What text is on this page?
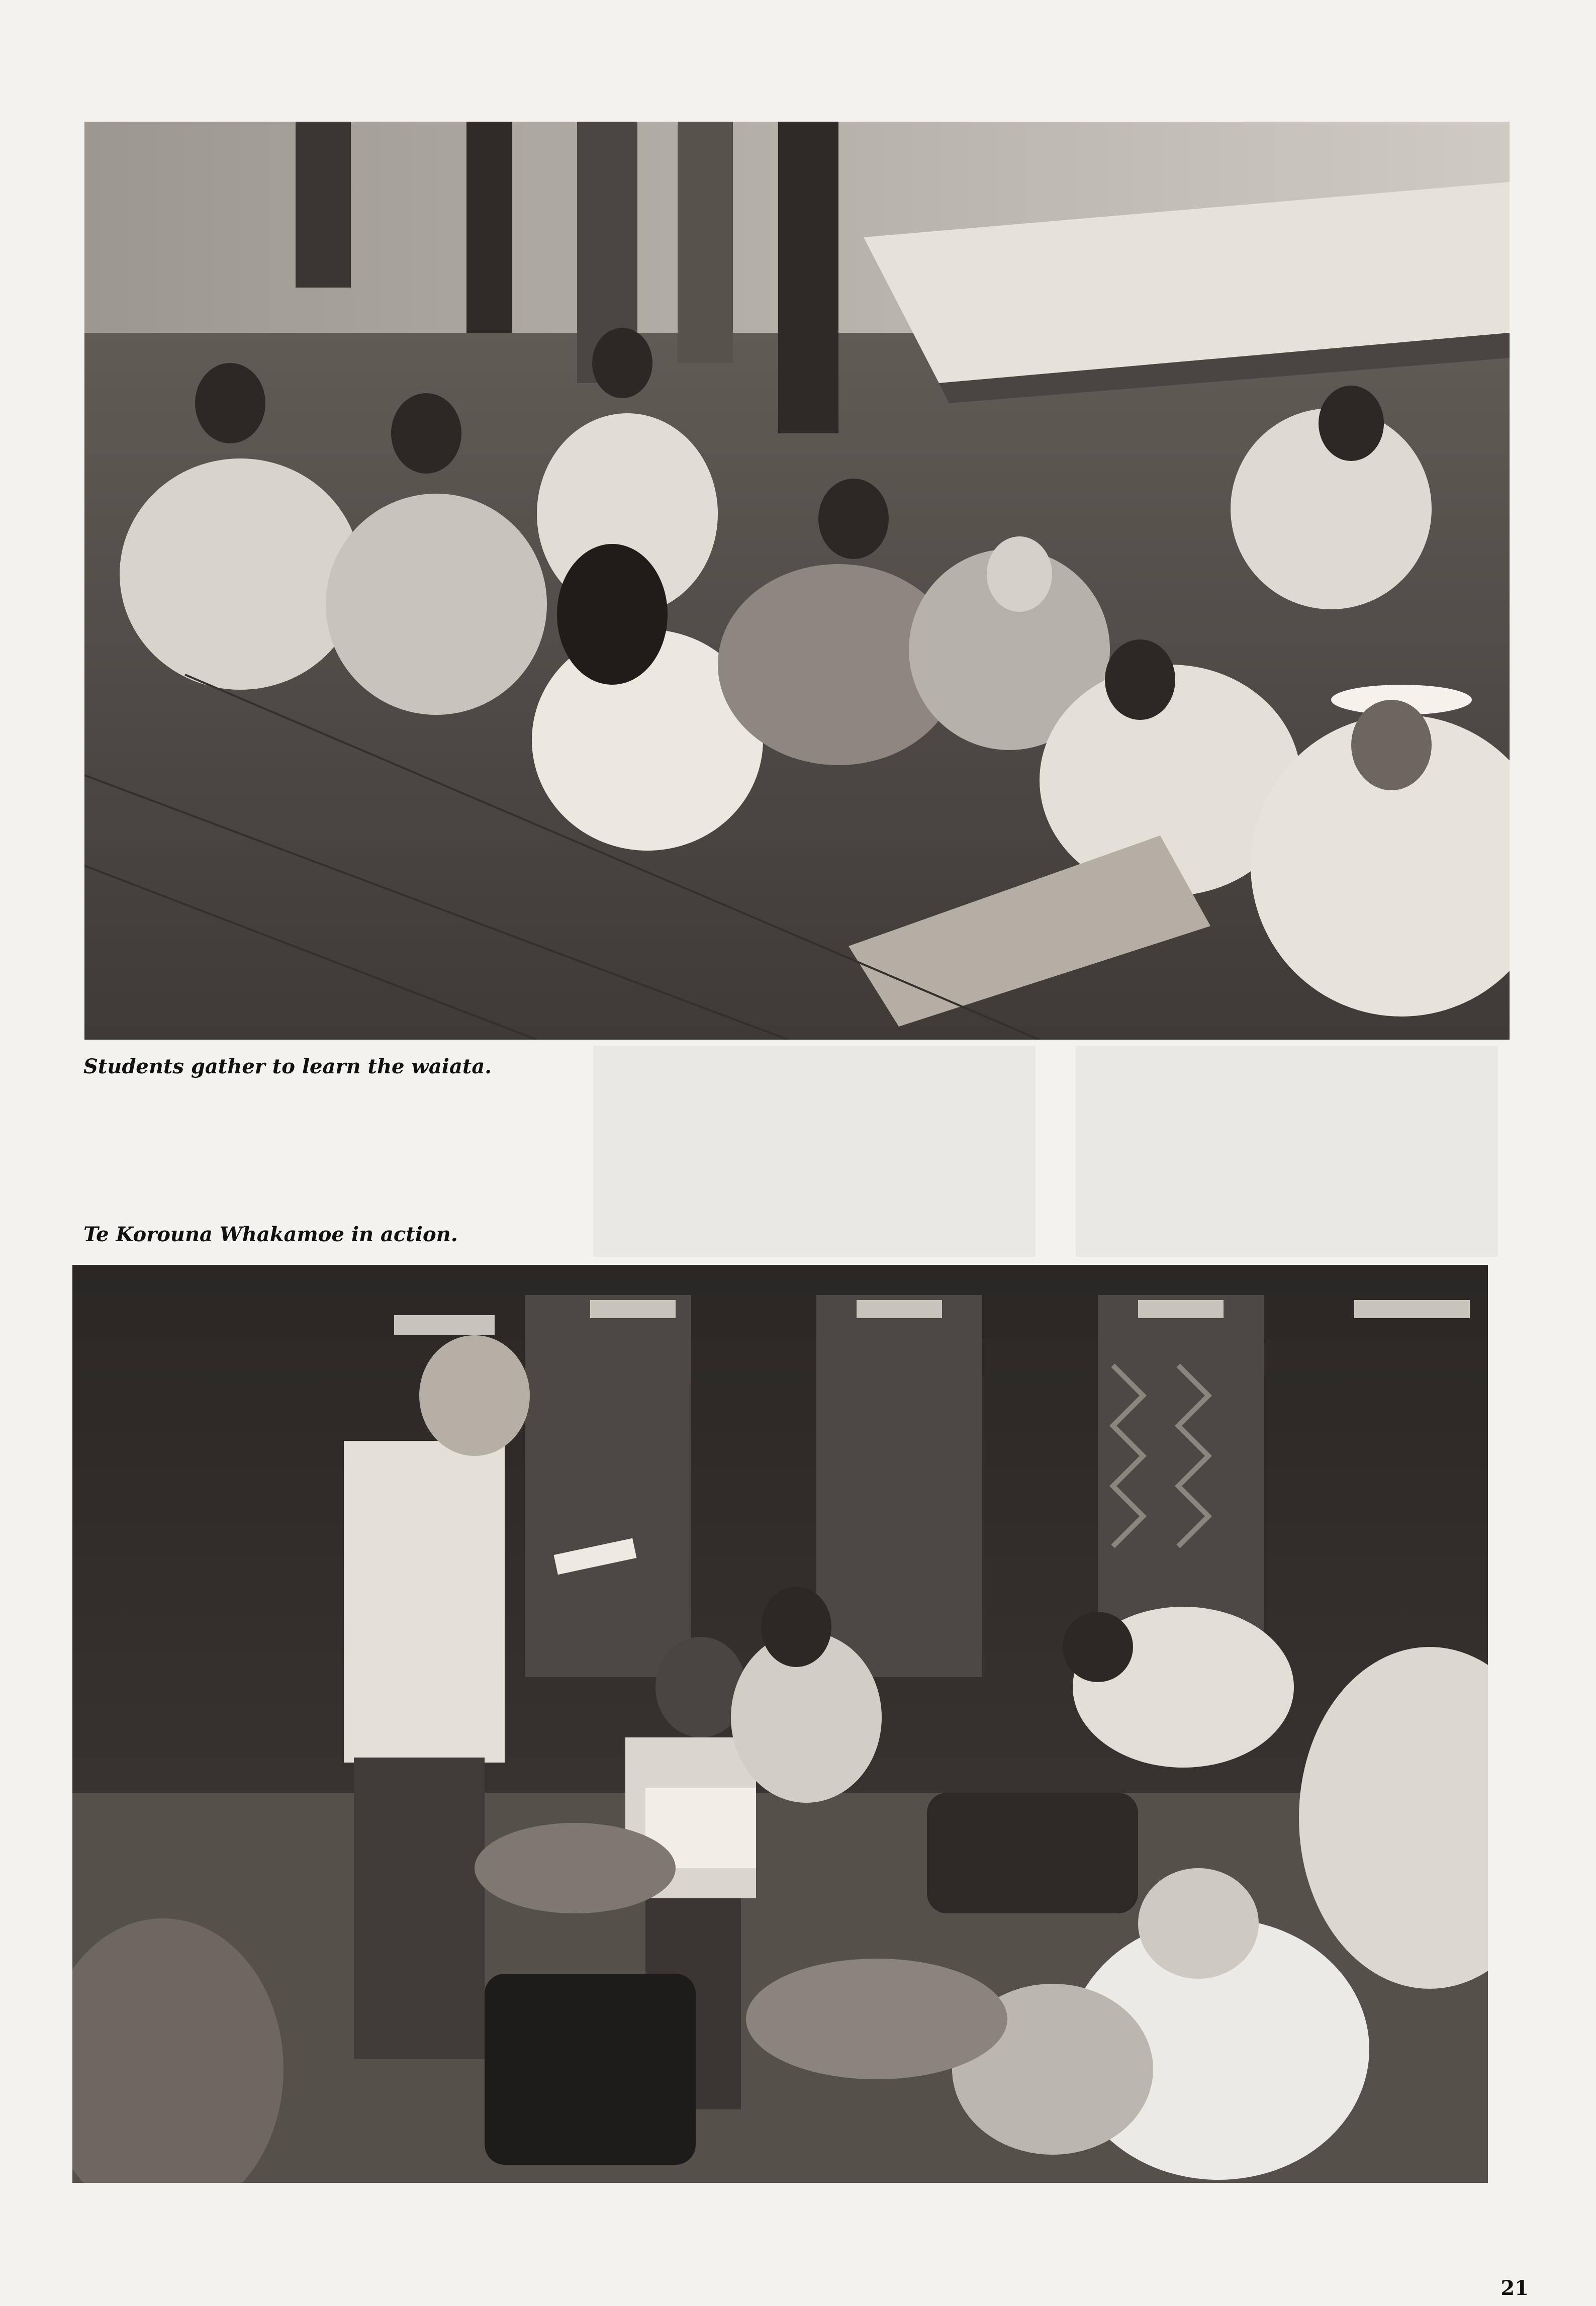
Students gather to learn the waiata.

Te Korouna Whakamoe in action.

21
